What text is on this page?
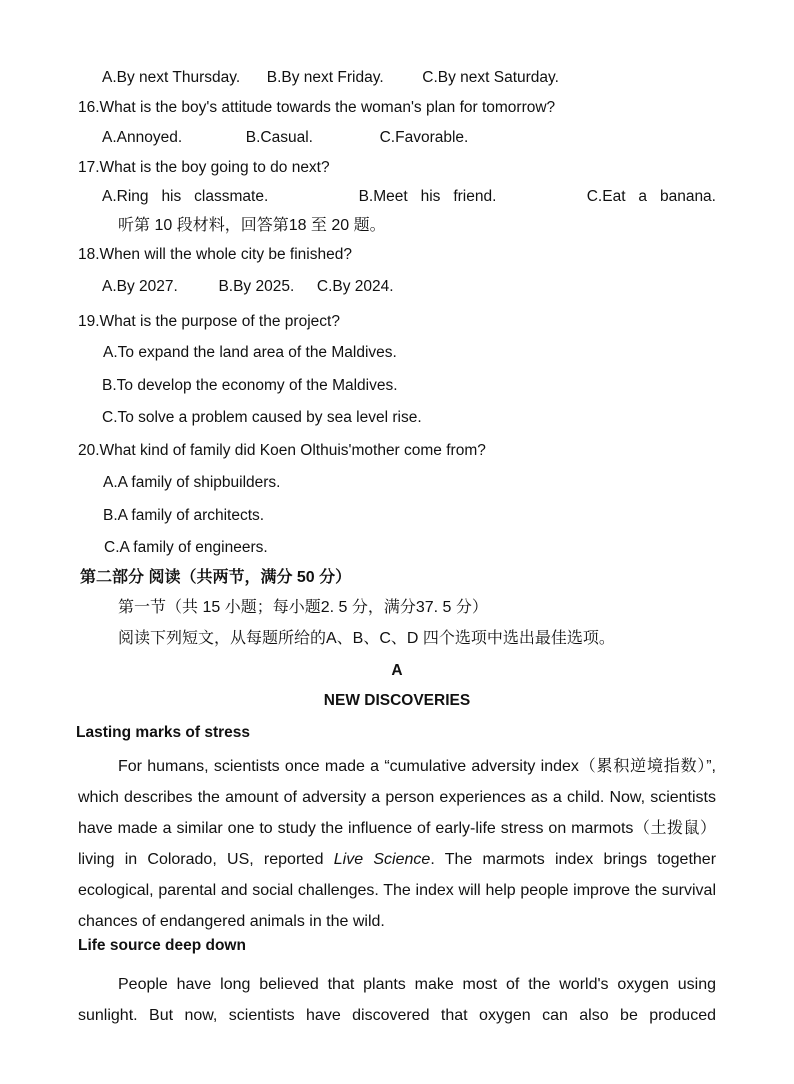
A.By next Thursday. B.By next Friday. C.By next Saturday.
16.What is the boy's attitude towards the woman's plan for tomorrow?
A.Annoyed.	B.Casual.	C.Favorable.
17.What is the boy going to do next?
A.Ring   his   classmate.	B.Meet   his   friend.	C.Eat   a   banana.
听第 10 段材料，回答第18 至 20 题。
18.When will the whole city be finished?
A.By 2027.	B.By 2025. C.By 2024.
19.What is the purpose of the project?
A.To expand the land area of the Maldives.
B.To develop the economy of the Maldives.
C.To solve a problem caused by sea level rise.
20.What kind of family did Koen Olthuis'mother come from?
A.A family of shipbuilders.
B.A family of architects.
C.A family of engineers.
第二部分 阅读（共两节，满分 50 分）
第一节（共 15 小题；每小题2. 5 分，满分37. 5 分）
阅读下列短文，从每题所给的A、B、C、D 四个选项中选出最佳选项。
A
NEW DISCOVERIES
Lasting marks of stress

For humans, scientists once made a “cumulative adversity index（累积逆境指数）”, which describes the amount of adversity a person experiences as a child. Now, scientists have made a similar one to study the influence of early-life stress on marmots（土拨鼠） living in Colorado, US, reported Live Science. The marmots index brings together ecological, parental and social challenges. The index will help people improve the survival chances of endangered animals in the wild.

Life source deep down

People have long believed that plants make most of the world's oxygen using sunlight. But now, scientists have discovered that oxygen can also be produced
